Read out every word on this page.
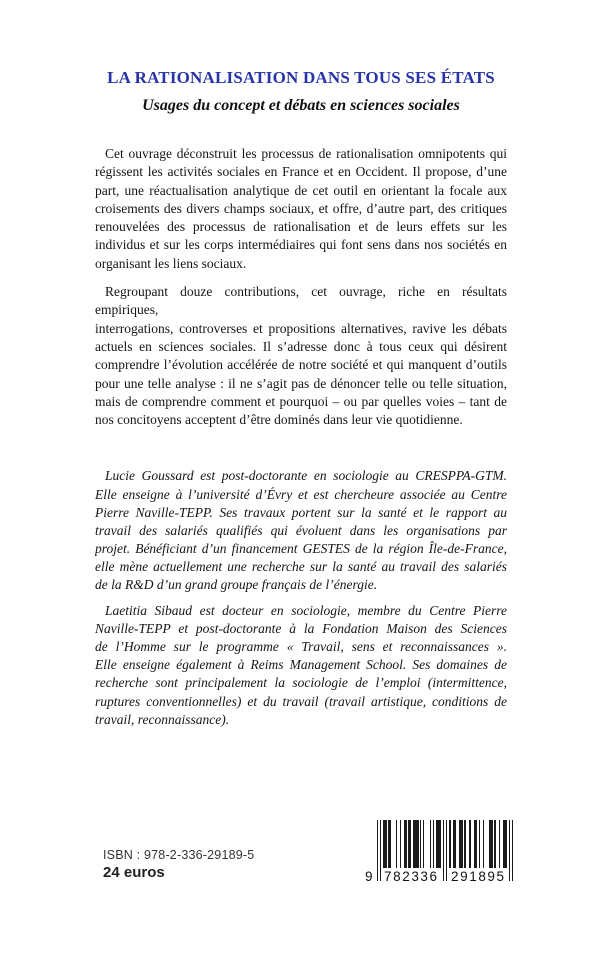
LA RATIONALISATION DANS TOUS SES ÉTATS
Usages du concept et débats en sciences sociales
Cet ouvrage déconstruit les processus de rationalisation omnipotents qui
régissent les activités sociales en France et en Occident. Il propose, d’une
part, une réactualisation analytique de cet outil en orientant la focale aux
croisements des divers champs sociaux, et offre, d’autre part, des critiques
renouvelées des processus de rationalisation et de leurs effets sur les
individus et sur les corps intermédiaires qui font sens dans nos sociétés en
organisant les liens sociaux.
Regroupant douze contributions, cet ouvrage, riche en résultats empiriques,
interrogations, controverses et propositions alternatives, ravive les débats
actuels en sciences sociales. Il s’adresse donc à tous ceux qui désirent
comprendre l’évolution accélérée de notre société et qui manquent d’outils
pour une telle analyse : il ne s’agit pas de dénoncer telle ou telle situation,
mais de comprendre comment et pourquoi – ou par quelles voies – tant de
nos concitoyens acceptent d’être dominés dans leur vie quotidienne.
Lucie Goussard est post-doctorante en sociologie au CRESPPA-GTM.
Elle enseigne à l’université d’Évry et est chercheure associée au Centre
Pierre Naville-TEPP. Ses travaux portent sur la santé et le rapport au
travail des salariés qualifiés qui évoluent dans les organisations par
projet. Bénéficiant d’un financement GESTES de la région Île-de-France,
elle mène actuellement une recherche sur la santé au travail des salariés
de la R&D d’un grand groupe français de l’énergie.
Laetitia Sibaud est docteur en sociologie, membre du Centre Pierre
Naville-TEPP et post-doctorante à la Fondation Maison des Sciences
de l’Homme sur le programme « Travail, sens et reconnaissances ».
Elle enseigne également à Reims Management School. Ses domaines de
recherche sont principalement la sociologie de l’emploi (intermittence,
ruptures conventionnelles) et du travail (travail artistique, conditions de
travail, reconnaissance).
ISBN : 978-2-336-29189-5
24 euros	9 782336 291895
